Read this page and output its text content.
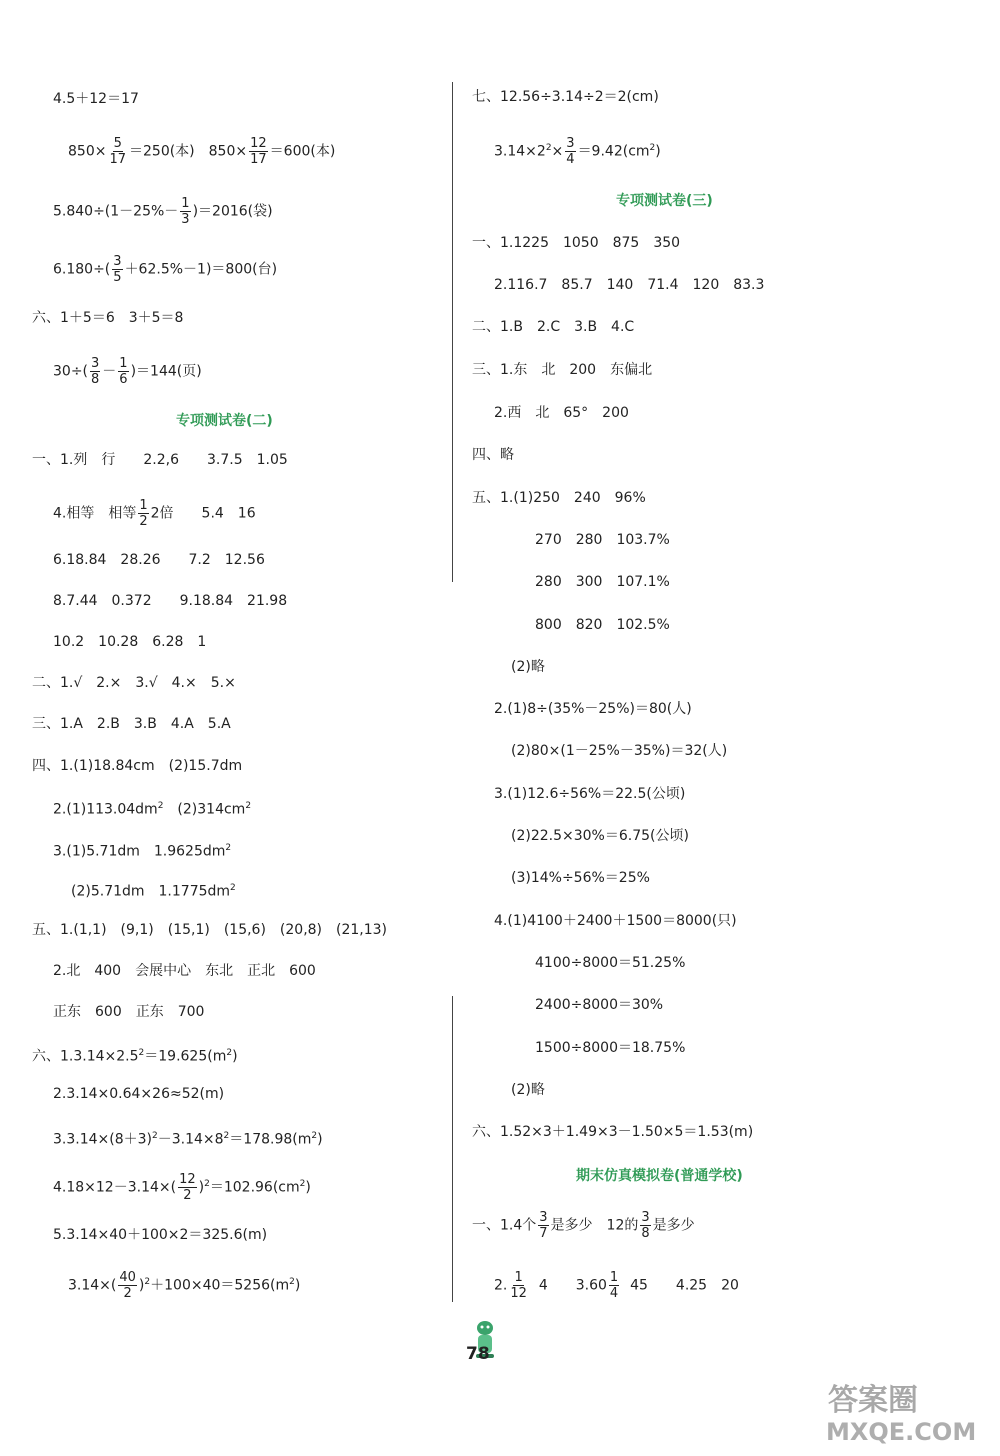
4.5＋12＝17
$850\times \frac{5}{17} =250$(本)　$850\times \frac{12}{17} =600$(本)
$5.840\div(1-25\%- \frac{1}{3} )=2016$(袋)
$6.180\div( \frac{3}{5} +62.5\%-1)=800$(台)
六、1＋5＝6　3＋5＝8
$30\div( \frac{3}{8} - \frac{1}{6} )=144$(页)
专项测试卷(二)
一、1.列　行　　2.2,6　　3.7.5　1.05
4.相等　相等 $\frac{1}{2} 2$倍　　5.4　16
6.18.84　28.26　　7.2　12.56
8.7.44　0.372　　9.18.84　21.98
10.2　10.28　6.28　1
二、1.√　2.×　3.√　4.×　5.×
三、1.A　2.B　3.B　4.A　5.A
四、1.(1)18.84cm　(2)15.7dm
$2.(1)113.04dm^2$　$(2)314cm^2$
3.(1)5.71dm　$1.9625dm^2$
(2)5.71dm　$1.1775dm^2$
五、1.(1,1)　(9,1)　(15,1)　(15,6)　(20,8)　(21,13)
2.北　400　会展中心　东北　正北　600
正东　600　正东　700
六、$1.3.14\times 2.5^2=19.625(m^2)$
2.3.14×0.64×26≈52(m)
$3.3.14\times(8+3)^2-3.14\times 8^2=178.98(m^2)$
$4.18\times 12-3.14\times( \frac{12}{2} )^2=102.96(cm^2)$
5.3.14×40＋100×2＝325.6(m)
$3.14\times( \frac{40}{2} )^2+100\times 40=5256(m^2)$
七、12.56÷3.14÷2＝2(cm)
$3.14\times 2^2\times \frac{3}{4} =9.42(cm^2)$
专项测试卷(三)
一、1.1225　1050　875　350
2.116.7　85.7　140　71.4　120　83.3
二、1.B　2.C　3.B　4.C
三、1.东　北　200　东偏北
2.西　北　65°　200
四、略
五、1.(1)250　240　96%
270　280　103.7%
280　300　107.1%
800　820　102.5%
(2)略
2.(1)8÷(35%－25%)＝80(人)
(2)80×(1－25%－35%)＝32(人)
3.(1)12.6÷56%＝22.5(公顷)
(2)22.5×30%＝6.75(公顷)
(3)14%÷56%＝25%
4.(1)4100＋2400＋1500＝8000(只)
4100÷8000＝51.25%
2400÷8000＝30%
1500÷8000＝18.75%
(2)略
六、1.52×3＋1.49×3－1.50×5＝1.53(m)
期末仿真模拟卷(普通学校)
一、1.4个 $\frac{3}{7}$ 是多少　12的 $\frac{3}{8}$ 是多少
2. $\frac{1}{12} 4$　　$3.60 \frac{1}{4} 45$　　4.25　20
78
答案圈
MXQE.COM
